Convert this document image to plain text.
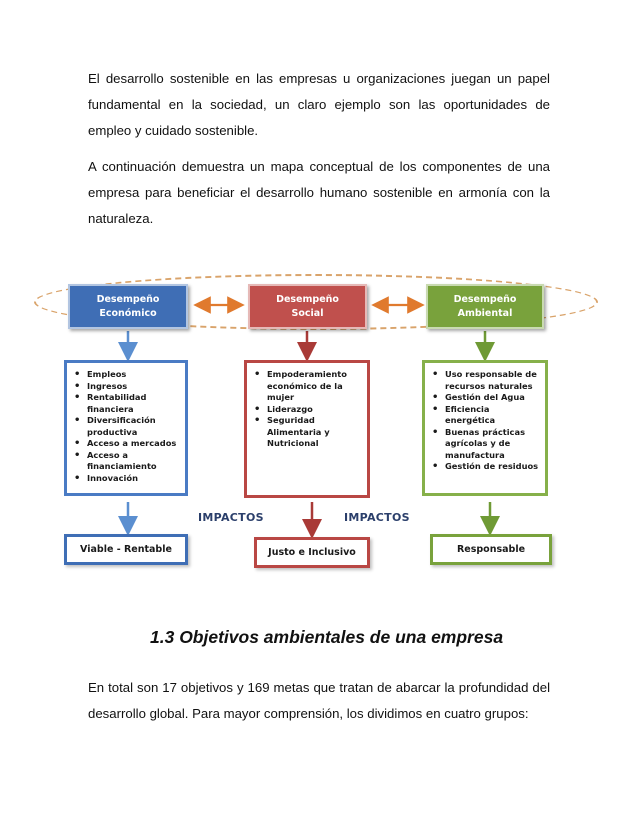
El desarrollo sostenible en las empresas u organizaciones juegan un papel fundamental en la sociedad, un claro ejemplo son las oportunidades de empleo y cuidado sostenible.

A continuación demuestra un mapa conceptual de los componentes de una empresa para beneficiar el desarrollo humano sostenible en armonía con la naturaleza.

Desempeño
Económico
Desempeño
Social
Desempeño
Ambiental
• Empleos
• Ingresos
• Rentabilidad financiera
• Diversificación productiva
• Acceso a mercados
• Acceso a financiamiento
• Innovación
• Empoderamiento económico de la mujer
• Liderazgo
• Seguridad Alimentaria y Nutricional
• Uso responsable de recursos naturales
• Gestión del Agua
• Eficiencia energética
• Buenas prácticas agrícolas y de manufactura
• Gestión de residuos
IMPACTOS	IMPACTOS
Viable - Rentable	Justo e Inclusivo	Responsable
1.3 Objetivos ambientales de una empresa

En total son 17 objetivos y 169 metas que tratan de abarcar la profundidad del desarrollo global. Para mayor comprensión, los dividimos en cuatro grupos:
